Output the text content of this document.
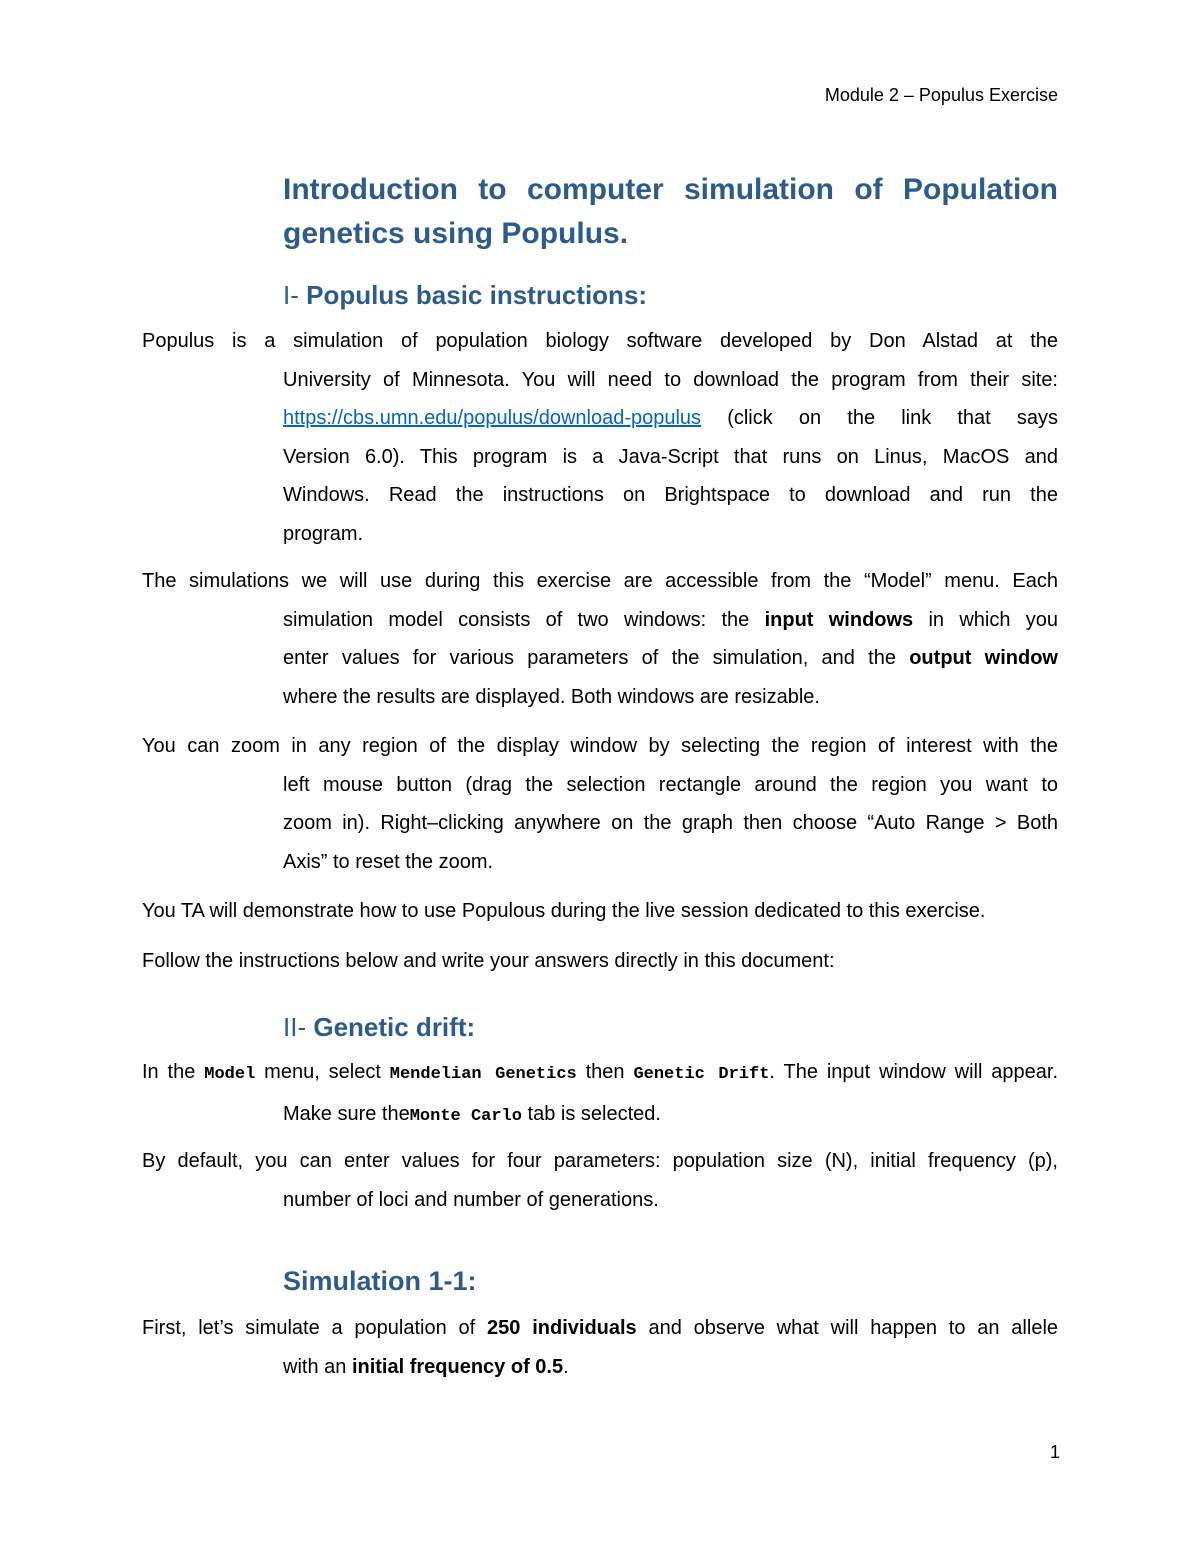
Module 2 – Populus Exercise
Introduction to computer simulation of Population genetics using Populus.
I- Populus basic instructions:
Populus is a simulation of population biology software developed by Don Alstad at the
University of Minnesota. You will need to download the program from their site:
https://cbs.umn.edu/populus/download-populus (click on the link that says
Version 6.0). This program is a Java-Script that runs on Linus, MacOS and
Windows. Read the instructions on Brightspace to download and run the
program.
The simulations we will use during this exercise are accessible from the “Model” menu. Each
simulation model consists of two windows: the input windows in which you
enter values for various parameters of the simulation, and the output window
where the results are displayed. Both windows are resizable.
You can zoom in any region of the display window by selecting the region of interest with the
left mouse button (drag the selection rectangle around the region you want to
zoom in). Right–clicking anywhere on the graph then choose “Auto Range > Both
Axis” to reset the zoom.
You TA will demonstrate how to use Populous during the live session dedicated to this exercise.
Follow the instructions below and write your answers directly in this document:
II- Genetic drift:
In the Model menu, select Mendelian Genetics then Genetic Drift. The input window will appear.
Make sure theMonte Carlo tab is selected.
By default, you can enter values for four parameters: population size (N), initial frequency (p),
number of loci and number of generations.
Simulation 1-1:
First, let’s simulate a population of 250 individuals and observe what will happen to an allele
with an initial frequency of 0.5.
1
